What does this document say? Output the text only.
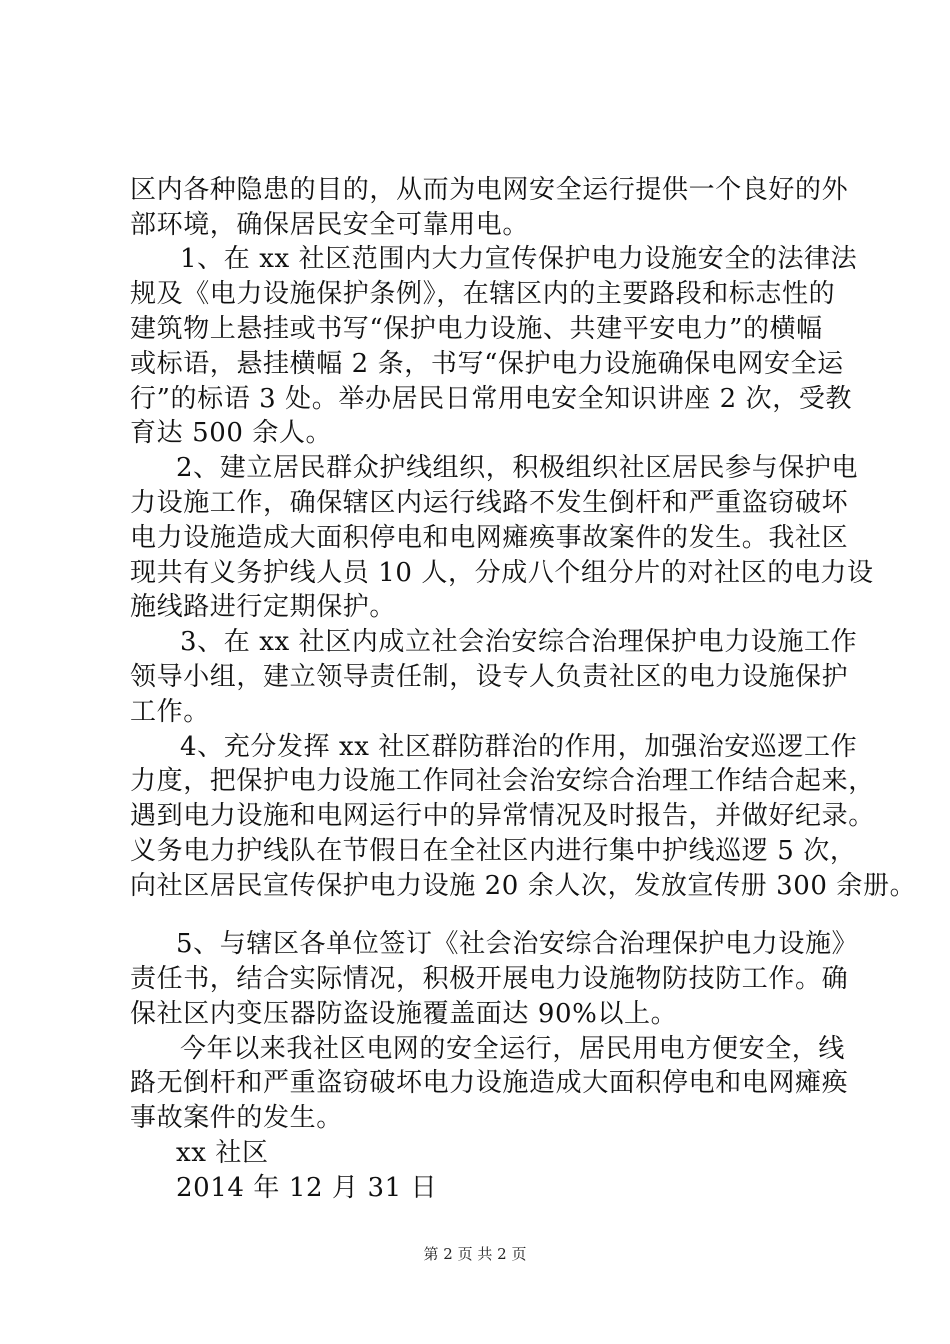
区内各种隐患的目的，从而为电网安全运行提供一个良好的外
部环境，确保居民安全可靠用电。
1、在 xx 社区范围内大力宣传保护电力设施安全的法律法
规及《电力设施保护条例》，在辖区内的主要路段和标志性的
建筑物上悬挂或书写“保护电力设施、共建平安电力”的横幅
或标语，悬挂横幅 2 条，书写“保护电力设施确保电网安全运
行”的标语 3 处。举办居民日常用电安全知识讲座 2 次，受教
育达 500 余人。
2、建立居民群众护线组织，积极组织社区居民参与保护电
力设施工作，确保辖区内运行线路不发生倒杆和严重盗窃破坏
电力设施造成大面积停电和电网瘫痪事故案件的发生。我社区
现共有义务护线人员 10 人，分成八个组分片的对社区的电力设
施线路进行定期保护。
3、在 xx 社区内成立社会治安综合治理保护电力设施工作
领导小组，建立领导责任制，设专人负责社区的电力设施保护
工作。
4、充分发挥 xx 社区群防群治的作用，加强治安巡逻工作
力度，把保护电力设施工作同社会治安综合治理工作结合起来，
遇到电力设施和电网运行中的异常情况及时报告，并做好纪录。
义务电力护线队在节假日在全社区内进行集中护线巡逻 5 次，
向社区居民宣传保护电力设施 20 余人次，发放宣传册 300 余册。
5、与辖区各单位签订《社会治安综合治理保护电力设施》
责任书，结合实际情况，积极开展电力设施物防技防工作。确
保社区内变压器防盗设施覆盖面达 90%以上。
今年以来我社区电网的安全运行，居民用电方便安全，线
路无倒杆和严重盗窃破坏电力设施造成大面积停电和电网瘫痪
事故案件的发生。
xx 社区
2014 年 12 月 31 日
第 2 页 共 2 页
